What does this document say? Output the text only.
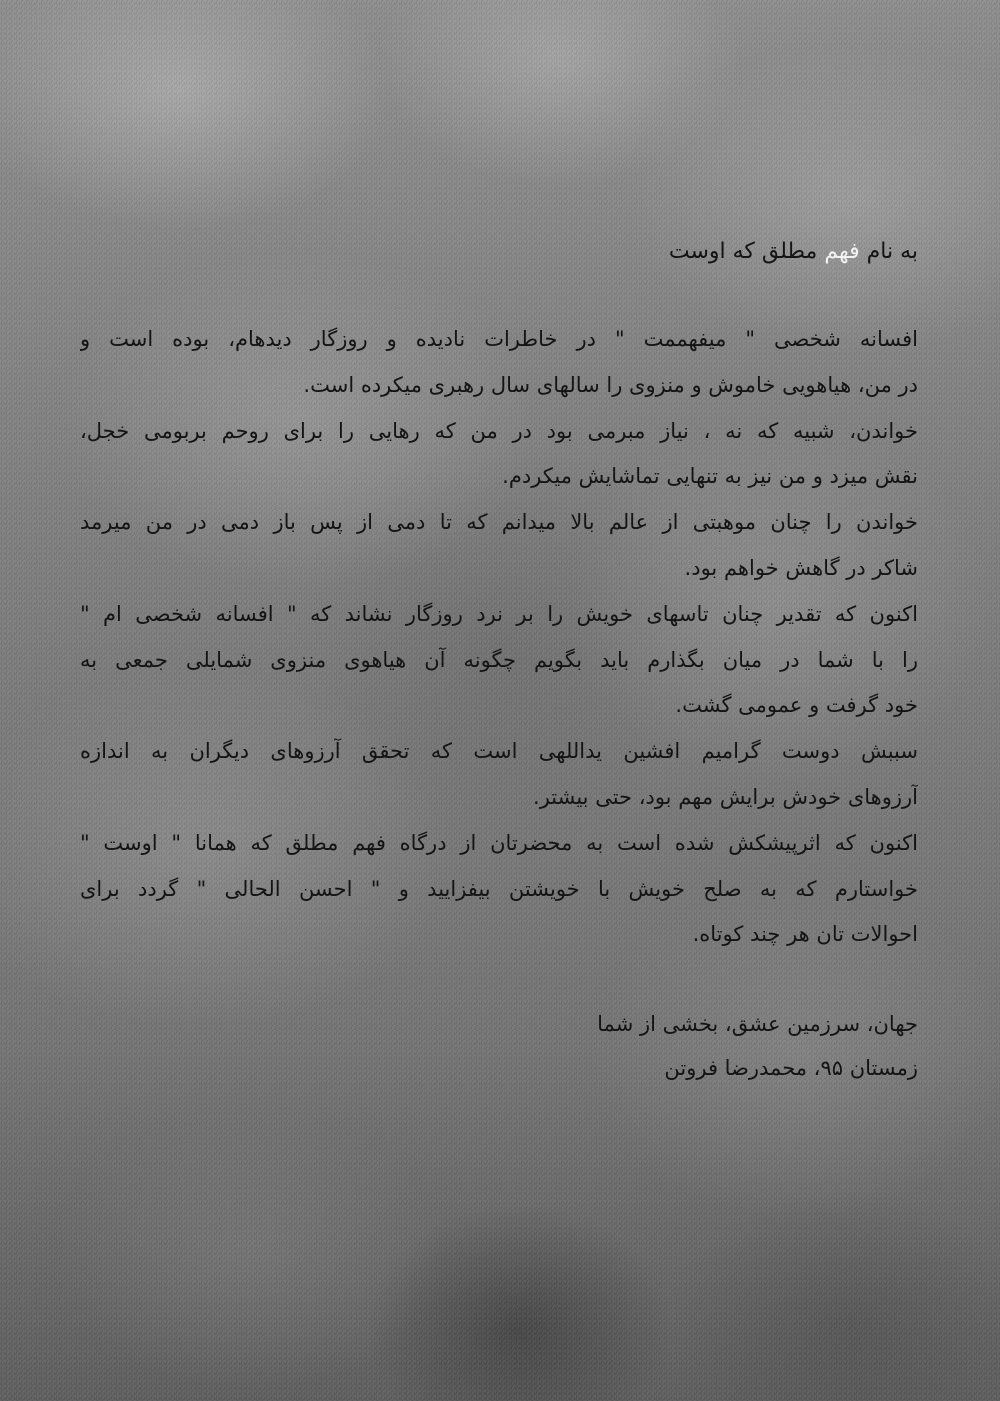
به نام فهم مطلق که اوست

افسانه شخصی " میفهممت " در خاطرات نادیده و روزگار دیدهام، بوده است و
در من، هیاهویی خاموش و منزوی را سالهای سال رهبری میکرده است.
خواندن، شبیه که نه ، نیاز مبرمی بود در من که رهایی را برای روحم بربومی خجل،
نقش میزد و من نیز به تنهایی تماشایش میکردم.
خواندن را چنان موهبتی از عالم بالا میدانم که تا دمی از پس باز دمی در من میرمد
شاکر در گاهش خواهم بود.
اکنون که تقدیر چنان تاسهای خویش را بر نرد روزگار نشاند که " افسانه شخصی ام "
را با شما در میان بگذارم باید بگویم چگونه آن هیاهوی منزوی شمایلی جمعی به
خود گرفت و عمومی گشت.
سببش دوست گرامیم افشین یداللهی است که تحقق آرزوهای دیگران به اندازه
آرزوهای خودش برایش مهم بود، حتی بیشتر.
اکنون که اثرپیشکش شده است به محضرتان از درگاه فهم مطلق که همانا " اوست "
خواستارم که به صلح خویش با خویشتن بیفزایید و " احسن الحالی " گردد برای
احوالات تان هر چند کوتاه.
جهان، سرزمین عشق، بخشی از شما
زمستان ۹۵، محمدرضا فروتن
